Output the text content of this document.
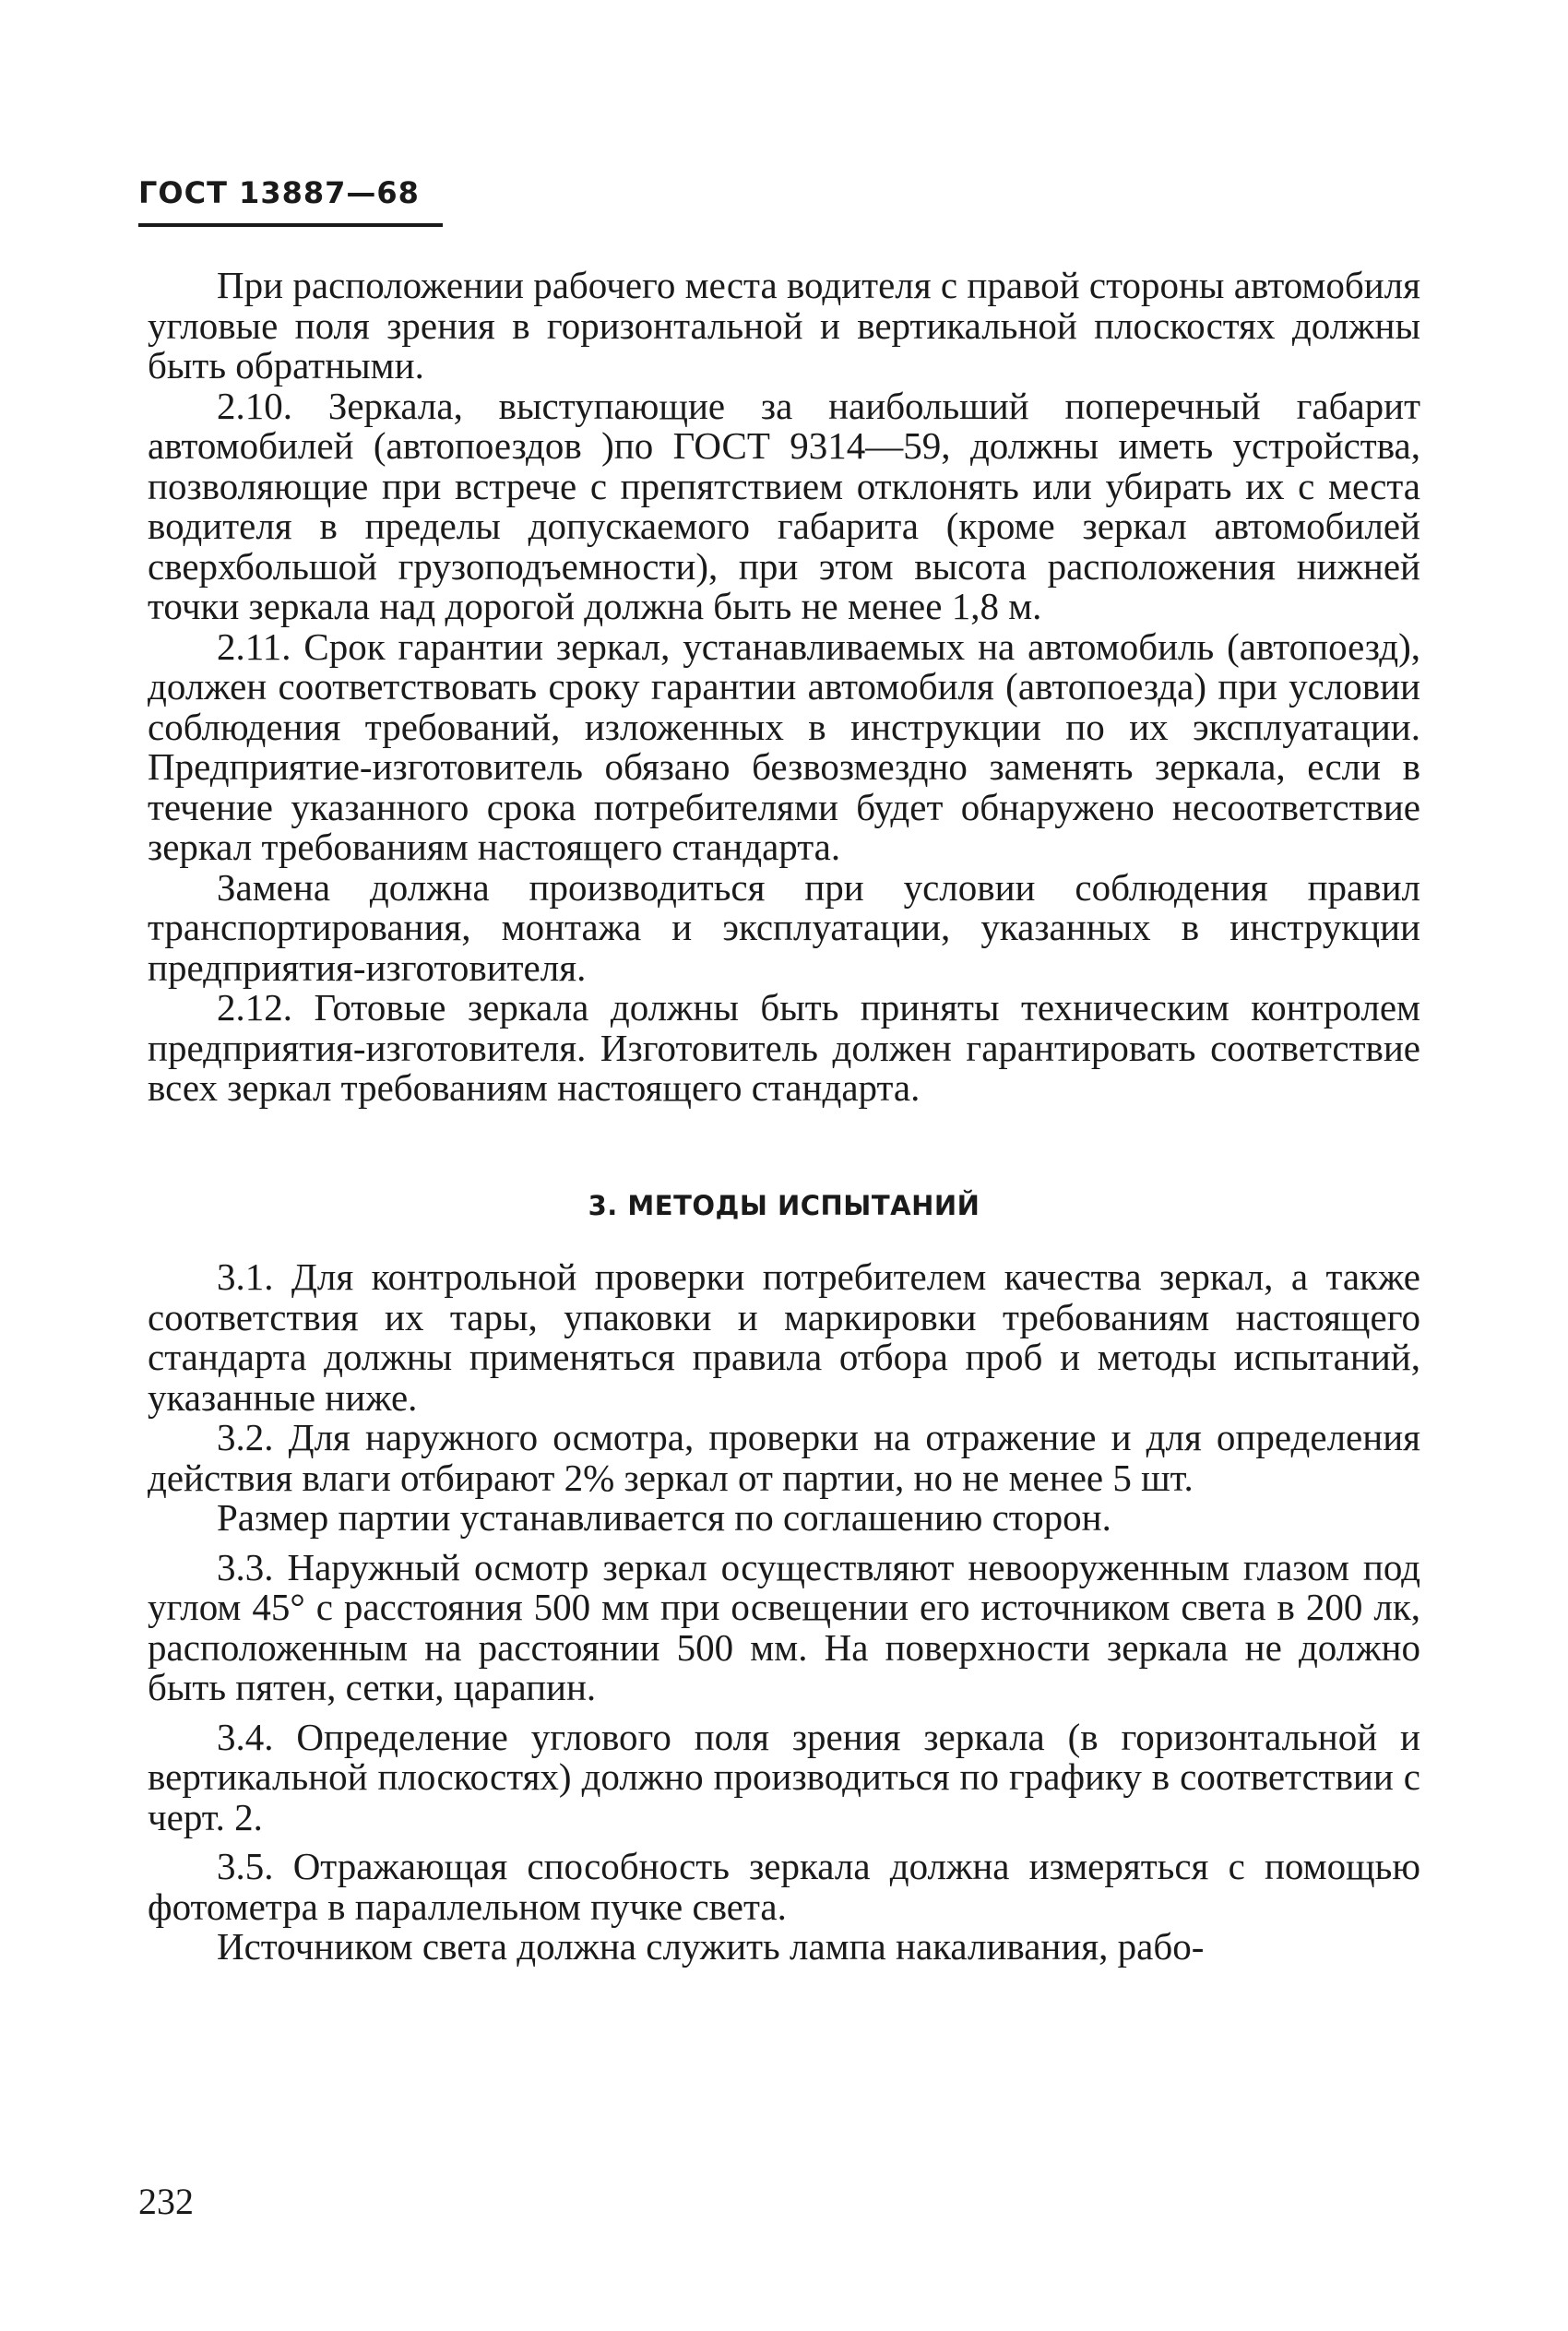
ГОСТ 13887—68

При расположении рабочего места водителя с правой стороны автомобиля угловые поля зрения в горизонтальной и вертикальной плоскостях должны быть обратными.

2.10. Зеркала, выступающие за наибольший поперечный габарит автомобилей (автопоездов )по ГОСТ 9314—59, должны иметь устройства, позволяющие при встрече с препятствием отклонять или убирать их с места водителя в пределы допускаемого габарита (кроме зеркал автомобилей сверхбольшой грузоподъемности), при этом высота расположения нижней точки зеркала над дорогой должна быть не менее 1,8 м.

2.11. Срок гарантии зеркал, устанавливаемых на автомобиль (автопоезд), должен соответствовать сроку гарантии автомобиля (автопоезда) при условии соблюдения требований, изложенных в инструкции по их эксплуатации. Предприятие-изготовитель обязано безвозмездно заменять зеркала, если в течение указанного срока потребителями будет обнаружено несоответствие зеркал требованиям настоящего стандарта.

Замена должна производиться при условии соблюдения правил транспортирования, монтажа и эксплуатации, указанных в инструкции предприятия-изготовителя.

2.12. Готовые зеркала должны быть приняты техническим контролем предприятия-изготовителя. Изготовитель должен гарантировать соответствие всех зеркал требованиям настоящего стандарта.

3. МЕТОДЫ ИСПЫТАНИЙ

3.1. Для контрольной проверки потребителем качества зеркал, а также соответствия их тары, упаковки и маркировки требованиям настоящего стандарта должны применяться правила отбора проб и методы испытаний, указанные ниже.

3.2. Для наружного осмотра, проверки на отражение и для определения действия влаги отбирают 2% зеркал от партии, но не менее 5 шт.

Размер партии устанавливается по соглашению сторон.

3.3. Наружный осмотр зеркал осуществляют невооруженным глазом под углом 45° с расстояния 500 мм при освещении его источником света в 200 лк, расположенным на расстоянии 500 мм. На поверхности зеркала не должно быть пятен, сетки, царапин.

3.4. Определение углового поля зрения зеркала (в горизонтальной и вертикальной плоскостях) должно производиться по графику в соответствии с черт. 2.

3.5. Отражающая способность зеркала должна измеряться с помощью фотометра в параллельном пучке света.

Источником света должна служить лампа накаливания, рабо-

232
